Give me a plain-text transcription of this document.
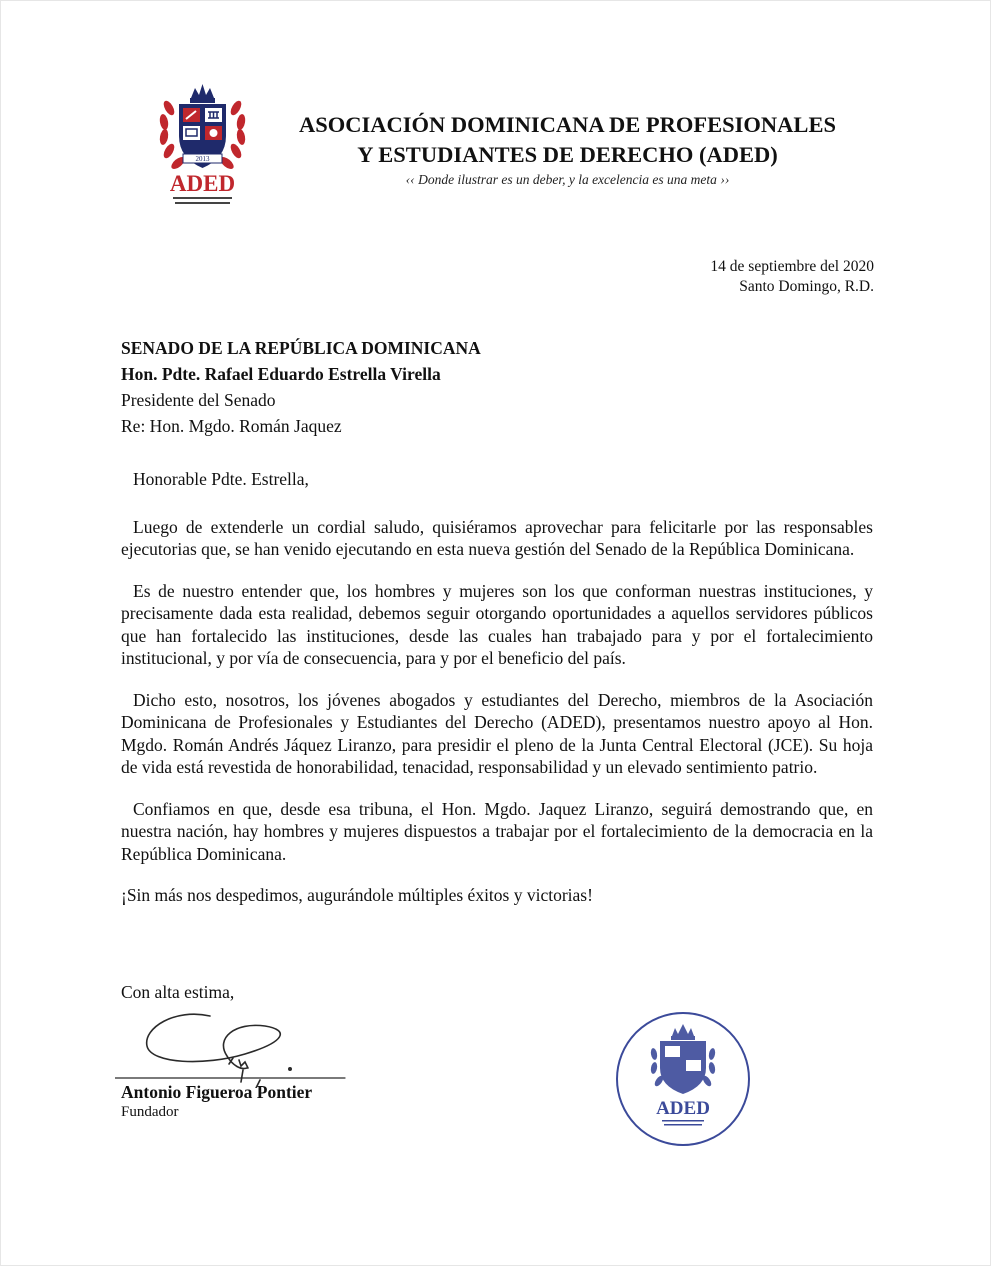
2013
ADED
ASOCIACIÓN DOMINICANA DE PROFESIONALES
Y ESTUDIANTES DE DERECHO (ADED)
‹‹ Donde ilustrar es un deber, y la excelencia es una meta ››
14 de septiembre del 2020
Santo Domingo, R.D.
SENADO DE LA REPÚBLICA DOMINICANA
Hon. Pdte. Rafael Eduardo Estrella Virella
Presidente del Senado
Re: Hon. Mgdo. Román Jaquez

Honorable Pdte. Estrella,

Luego de extenderle un cordial saludo, quisiéramos aprovechar para felicitarle por las responsables ejecutorias que, se han venido ejecutando en esta nueva gestión del Senado de la República Dominicana.

Es de nuestro entender que, los hombres y mujeres son los que conforman nuestras instituciones, y precisamente dada esta realidad, debemos seguir otorgando oportunidades a aquellos servidores públicos que han fortalecido las instituciones, desde las cuales han trabajado para y por el fortalecimiento institucional, y por vía de consecuencia, para y por el beneficio del país.

Dicho esto, nosotros, los jóvenes abogados y estudiantes del Derecho, miembros de la Asociación Dominicana de Profesionales y Estudiantes del Derecho (ADED), presentamos nuestro apoyo al Hon. Mgdo. Román Andrés Jáquez Liranzo, para presidir el pleno de la Junta Central Electoral (JCE). Su hoja de vida está revestida de honorabilidad, tenacidad, responsabilidad y un elevado sentimiento patrio.

Confiamos en que, desde esa tribuna, el Hon. Mgdo. Jaquez Liranzo, seguirá demostrando que, en nuestra nación, hay hombres y mujeres dispuestos a trabajar por el fortalecimiento de la democracia en la República Dominicana.

¡Sin más nos despedimos, augurándole múltiples éxitos y victorias!

Con alta estima,
Antonio Figueroa Pontier
Fundador	ADED
